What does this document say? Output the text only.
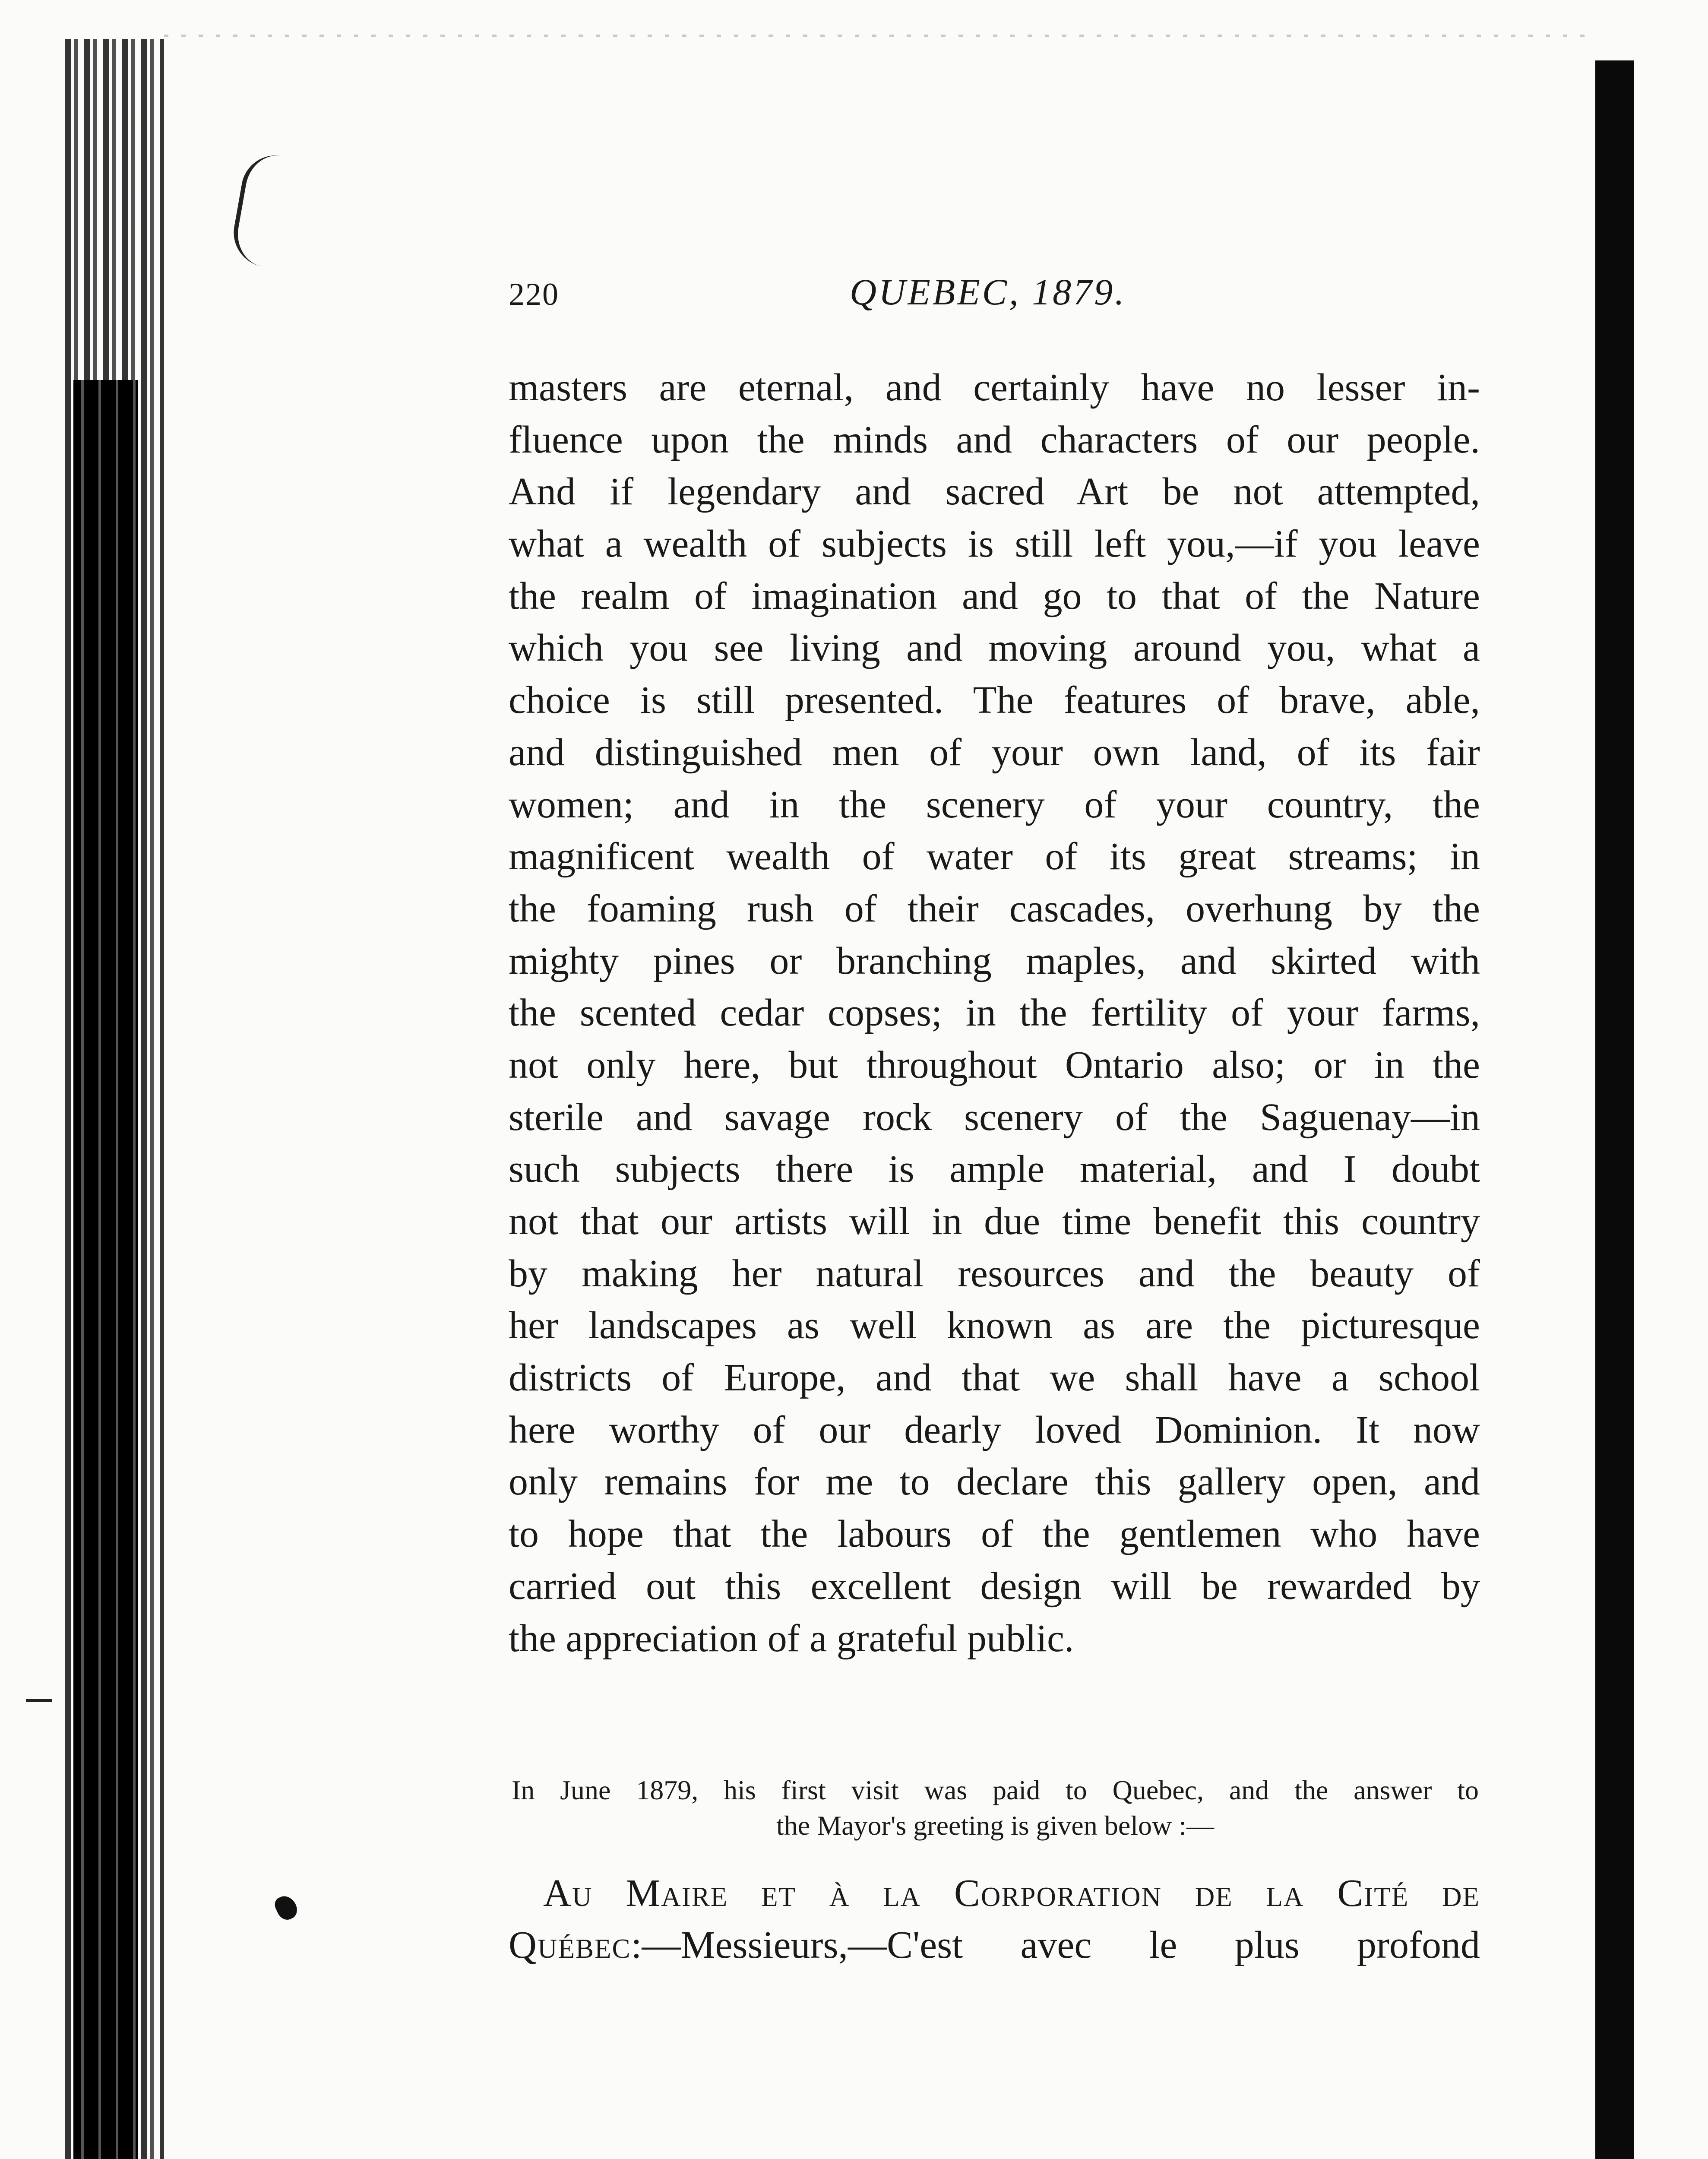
220	QUEBEC, 1879.
masters are eternal, and certainly have no lesser in-
fluence upon the minds and characters of our people.
And if legendary and sacred Art be not attempted,
what a wealth of subjects is still left you,—if you leave
the realm of imagination and go to that of the Nature
which you see living and moving around you, what a
choice is still presented. The features of brave, able,
and distinguished men of your own land, of its fair
women; and in the scenery of your country, the
magnificent wealth of water of its great streams; in
the foaming rush of their cascades, overhung by the
mighty pines or branching maples, and skirted with
the scented cedar copses; in the fertility of your farms,
not only here, but throughout Ontario also; or in the
sterile and savage rock scenery of the Saguenay—in
such subjects there is ample material, and I doubt
not that our artists will in due time benefit this country
by making her natural resources and the beauty of
her landscapes as well known as are the picturesque
districts of Europe, and that we shall have a school
here worthy of our dearly loved Dominion. It now
only remains for me to declare this gallery open, and
to hope that the labours of the gentlemen who have
carried out this excellent design will be rewarded by
the appreciation of a grateful public.
In June 1879, his first visit was paid to Quebec, and the answer to
the Mayor's greeting is given below :—
Au Maire et à la Corporation de la Cité de
Québec:—Messieurs,—C'est avec le plus profond
